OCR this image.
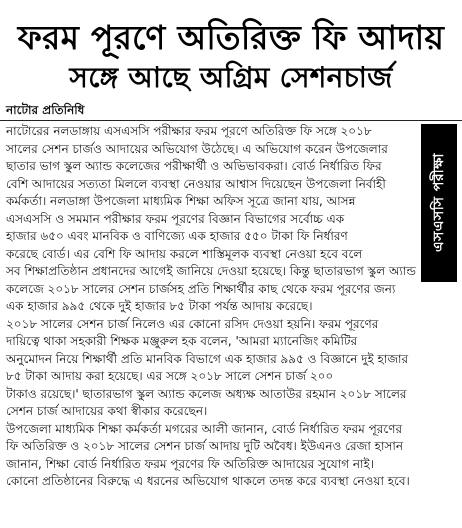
ফরম পূরণে অতিরিক্ত ফি আদায়
সঙ্গে আছে অগ্রিম সেশনচার্জ
নাটোর প্রতিনিধি
এসএসসি পরীক্ষা

নাটোরের নলডাঙ্গায় এসএসসি পরীক্ষার ফরম পূরণে অতিরিক্ত ফি সঙ্গে ২০১৮

সালের সেশন চার্জও আদায়ের অভিযোগ উঠেছে। এ অভিযোগ করেন উপজেলার

ছাতার ভাগ স্কুল অ্যান্ড কলেজের পরীক্ষার্থী ও অভিভাবকরা। বোর্ড নির্ধারিত ফির

বেশি আদায়ের সত্যতা মিললে ব্যবস্থা নেওয়ার আশ্বাস দিয়েছেন উপজেলা নির্বাহী

কর্মকর্তা। নলডাঙ্গা উপজেলা মাধ্যমিক শিক্ষা অফিস সূত্রে জানা যায়, আসন্ন

এসএসসি ও সমমান পরীক্ষার ফরম পূরণের বিজ্ঞান বিভাগের সর্বোচ্চ এক

হাজার ৬৫০ এবং মানবিক ও বাণিজ্যে এক হাজার ৫৫০ টাকা ফি নির্ধারণ

করেছে বোর্ড। এর বেশি ফি আদায় করলে শাস্তিমূলক ব্যবস্থা নেওয়া হবে বলে

সব শিক্ষাপ্রতিষ্ঠান প্রধানদের আগেই জানিয়ে দেওয়া হয়েছে। কিন্তু ছাতারভাগ স্কুল অ্যান্ড

কলেজে ২০১৮ সালের সেশন চার্জসহ প্রতি শিক্ষার্থীর কাছ থেকে ফরম পূরণের জন্য

এক হাজার ৯৯৫ থেকে দুই হাজার ৮৫ টাকা পর্যন্ত আদায় করেছে।

২০১৮ সালের সেশন চার্জ নিলেও এর কোনো রসিদ দেওয়া হয়নি। ফরম পূরণের

দায়িত্বে থাকা সহকারী শিক্ষক মঞ্জুরুল হক বলেন, 'আমরা ম্যানেজিং কমিটির

অনুমোদন নিয়ে শিক্ষার্থী প্রতি মানবিক বিভাগে এক হাজার ৯৯৫ ও বিজ্ঞানে দুই হাজার

৮৫ টাকা আদায় করা হয়েছে। এর সঙ্গে ২০১৮ সালে সেশন চার্জ ২০০

টাকাও রয়েছে।' ছাতারভাগ স্কুল অ্যান্ড কলেজ অধ্যক্ষ আতাউর রহমান ২০১৮ সালের

সেশন চার্জ আদায়ের কথা স্বীকার করেছেন।

উপজেলা মাধ্যমিক শিক্ষা কর্মকর্তা মগরের আলী জানান, বোর্ড নির্ধারিত ফরম পূরণের

ফি অতিরিক্ত ও ২০১৮ সালের সেশন চার্জ আদায় দুটি অবৈধ। ইউএনও রেজা হাসান

জানান, শিক্ষা বোর্ড নির্ধারিত ফরম পূরণের ফি অতিরিক্ত আদায়ের সুযোগ নাই।

কোনো প্রতিষ্ঠানের বিরুদ্ধে এ ধরনের অভিযোগ থাকলে তদন্ত করে ব্যবস্থা নেওয়া হবে।
